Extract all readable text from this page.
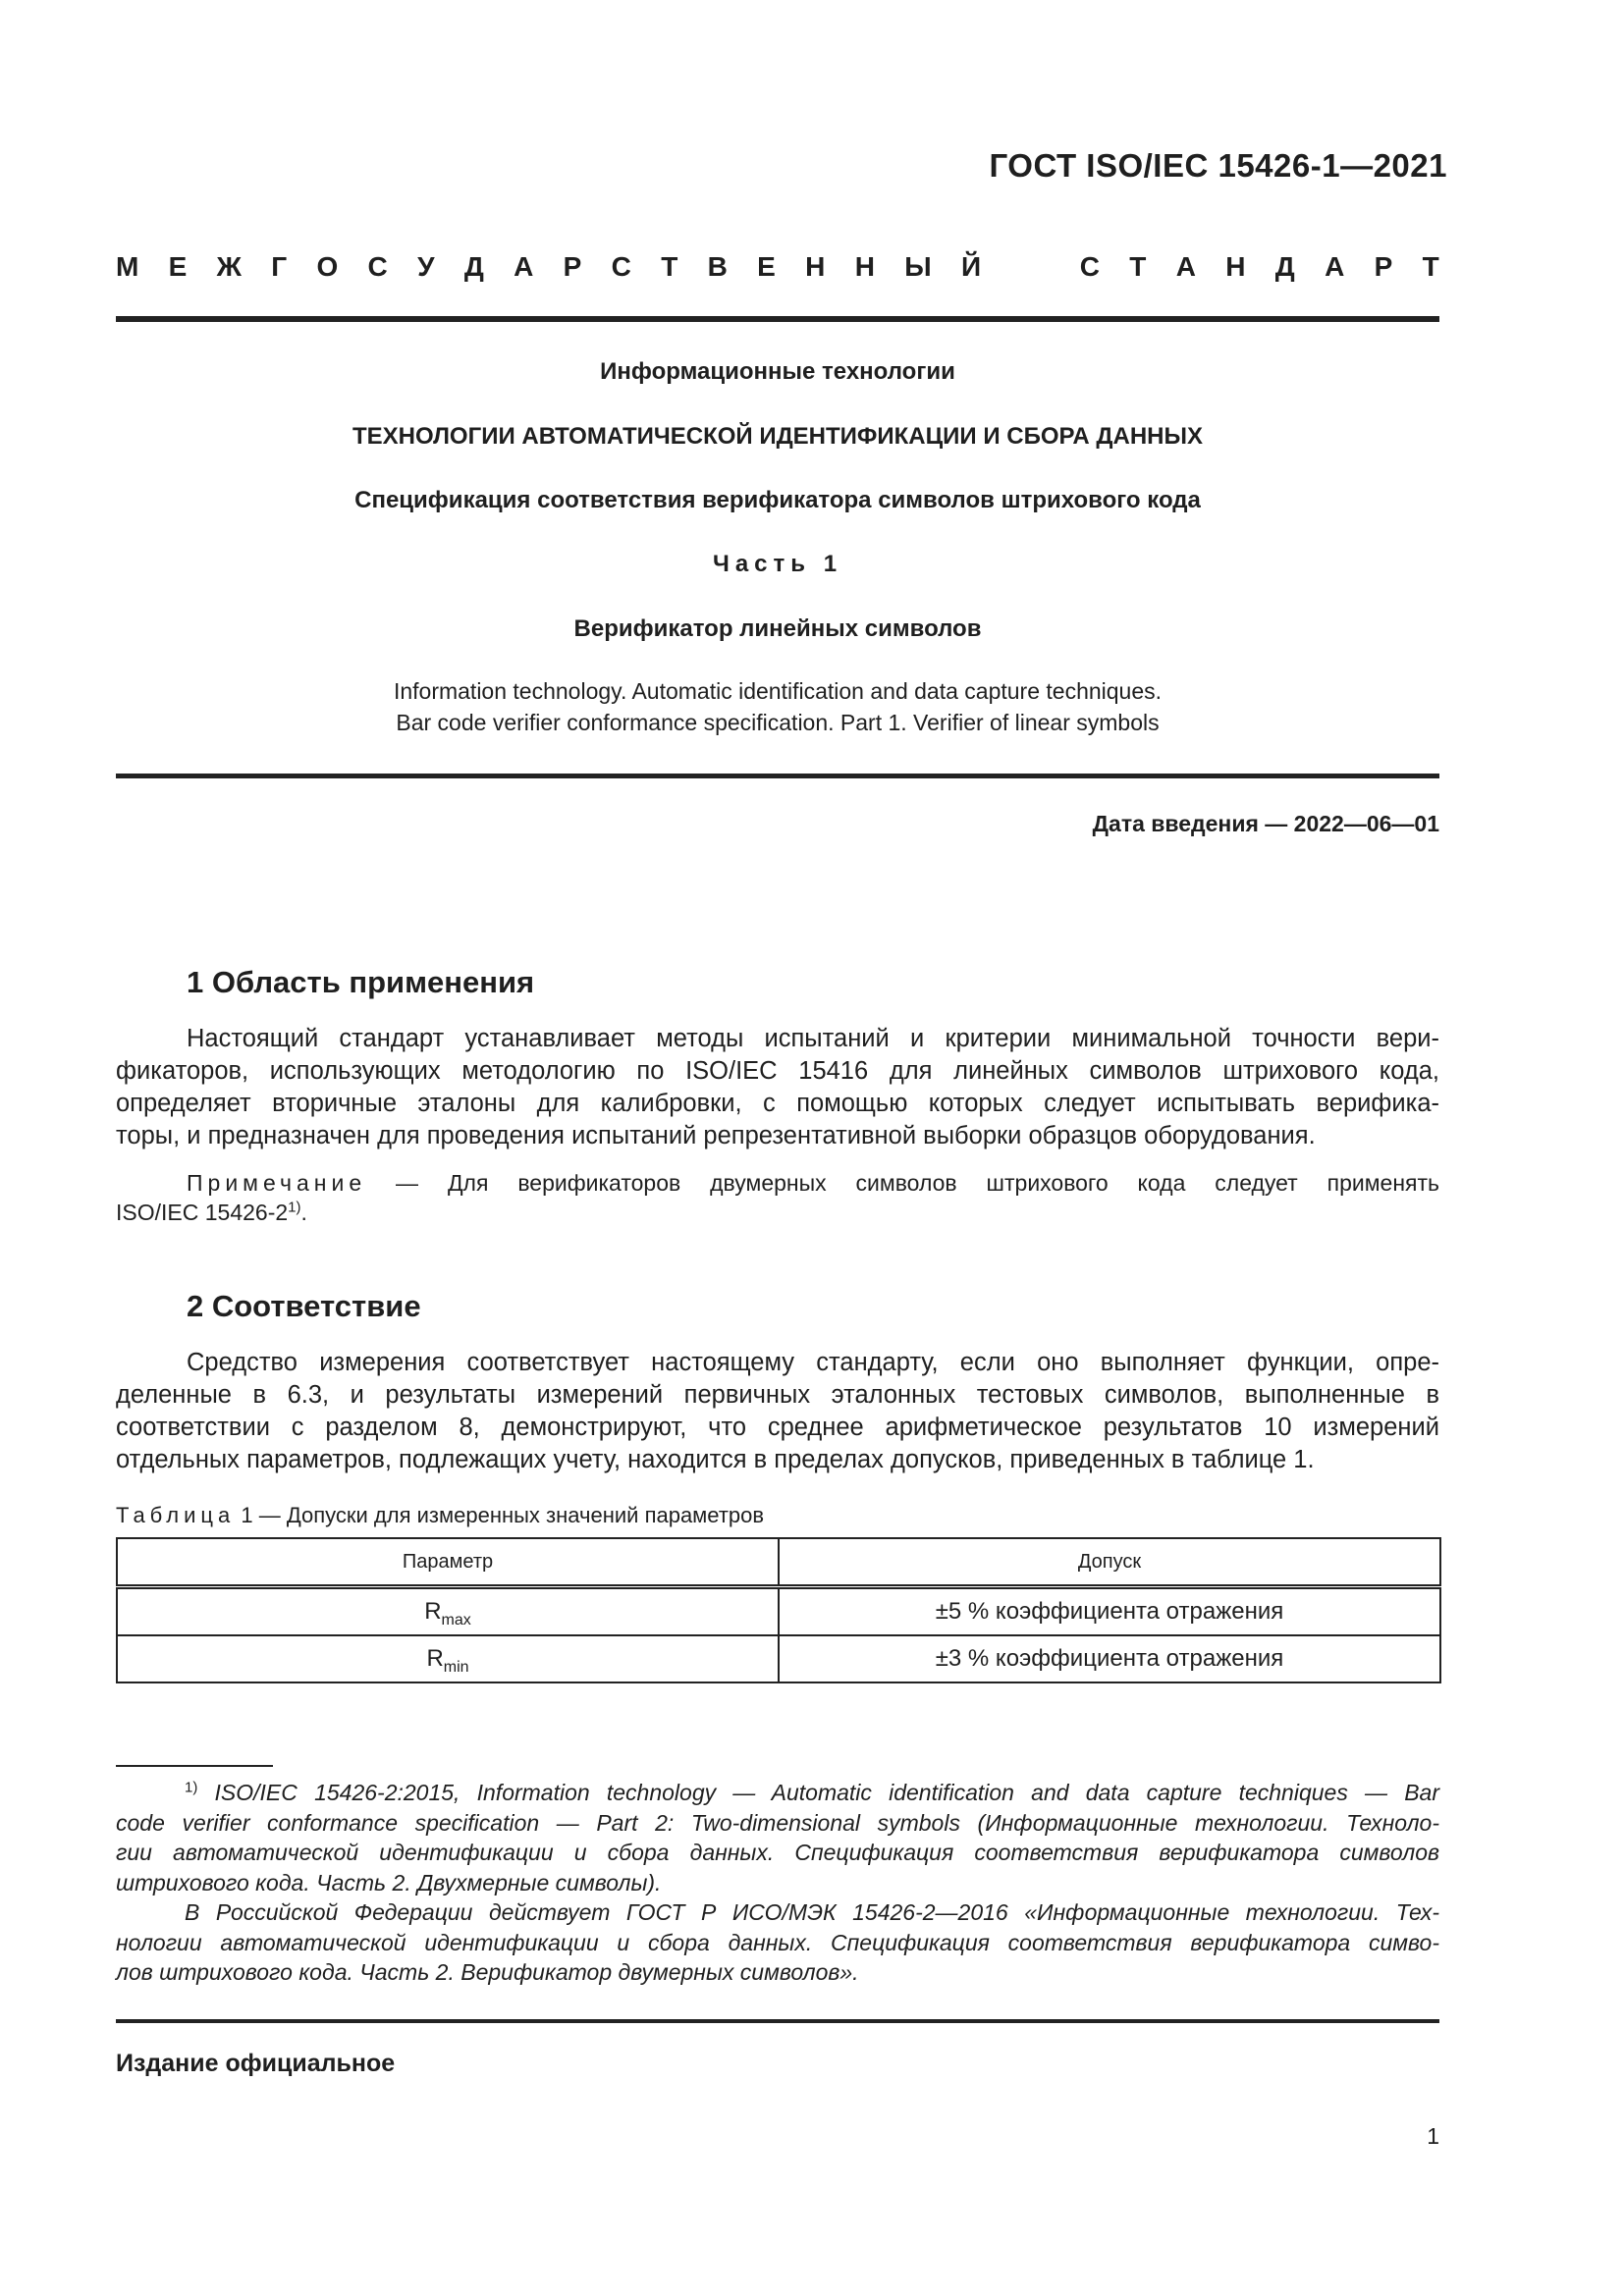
ГОСТ ISO/IEC 15426-1—2021
М Е Ж Г О С У Д А Р С Т В Е Н Н Ы Й	С Т А Н Д А Р Т
Информационные технологии
ТЕХНОЛОГИИ АВТОМАТИЧЕСКОЙ ИДЕНТИФИКАЦИИ И СБОРА ДАННЫХ
Спецификация соответствия верификатора символов штрихового кода
Часть 1
Верификатор линейных символов
Information technology. Automatic identification and data capture techniques.
Bar code verifier conformance specification. Part 1. Verifier of linear symbols
Дата введения — 2022—06—01
1 Область применения
Настоящий стандарт устанавливает методы испытаний и критерии минимальной точности вери-
фикаторов, использующих методологию по ISO/IEC 15416 для линейных символов штрихового кода,
определяет вторичные эталоны для калибровки, с помощью которых следует испытывать верифика-
торы, и предназначен для проведения испытаний репрезентативной выборки образцов оборудования.
Примечание — Для верификаторов двумерных символов штрихового кода следует применять
ISO/IEC 15426-2$^{1)}$.
2 Соответствие
Средство измерения соответствует настоящему стандарту, если оно выполняет функции, опре-
деленные в 6.3, и результаты измерений первичных эталонных тестовых символов, выполненные в
соответствии с разделом 8, демонстрируют, что среднее арифметическое результатов 10 измерений
отдельных параметров, подлежащих учету, находится в пределах допусков, приведенных в таблице 1.
Таблица 1 — Допуски для измеренных значений параметров
Параметр	Допуск
$R_{max}$	±5 % коэффициента отражения
$R_{min}$	±3 % коэффициента отражения
$^{1)}$ ISO/IEC 15426-2:2015, Information technology — Automatic identification and data capture techniques — Bar
code verifier conformance specification — Part 2: Two-dimensional symbols (Информационные технологии. Техноло-
гии автоматической идентификации и сбора данных. Спецификация соответствия верификатора символов
штрихового кода. Часть 2. Двухмерные символы).
В Российской Федерации действует ГОСТ Р ИСО/МЭК 15426-2—2016 «Информационные технологии. Тех-
нологии автоматической идентификации и сбора данных. Спецификация соответствия верификатора симво-
лов штрихового кода. Часть 2. Верификатор двумерных символов».
Издание официальное
1
